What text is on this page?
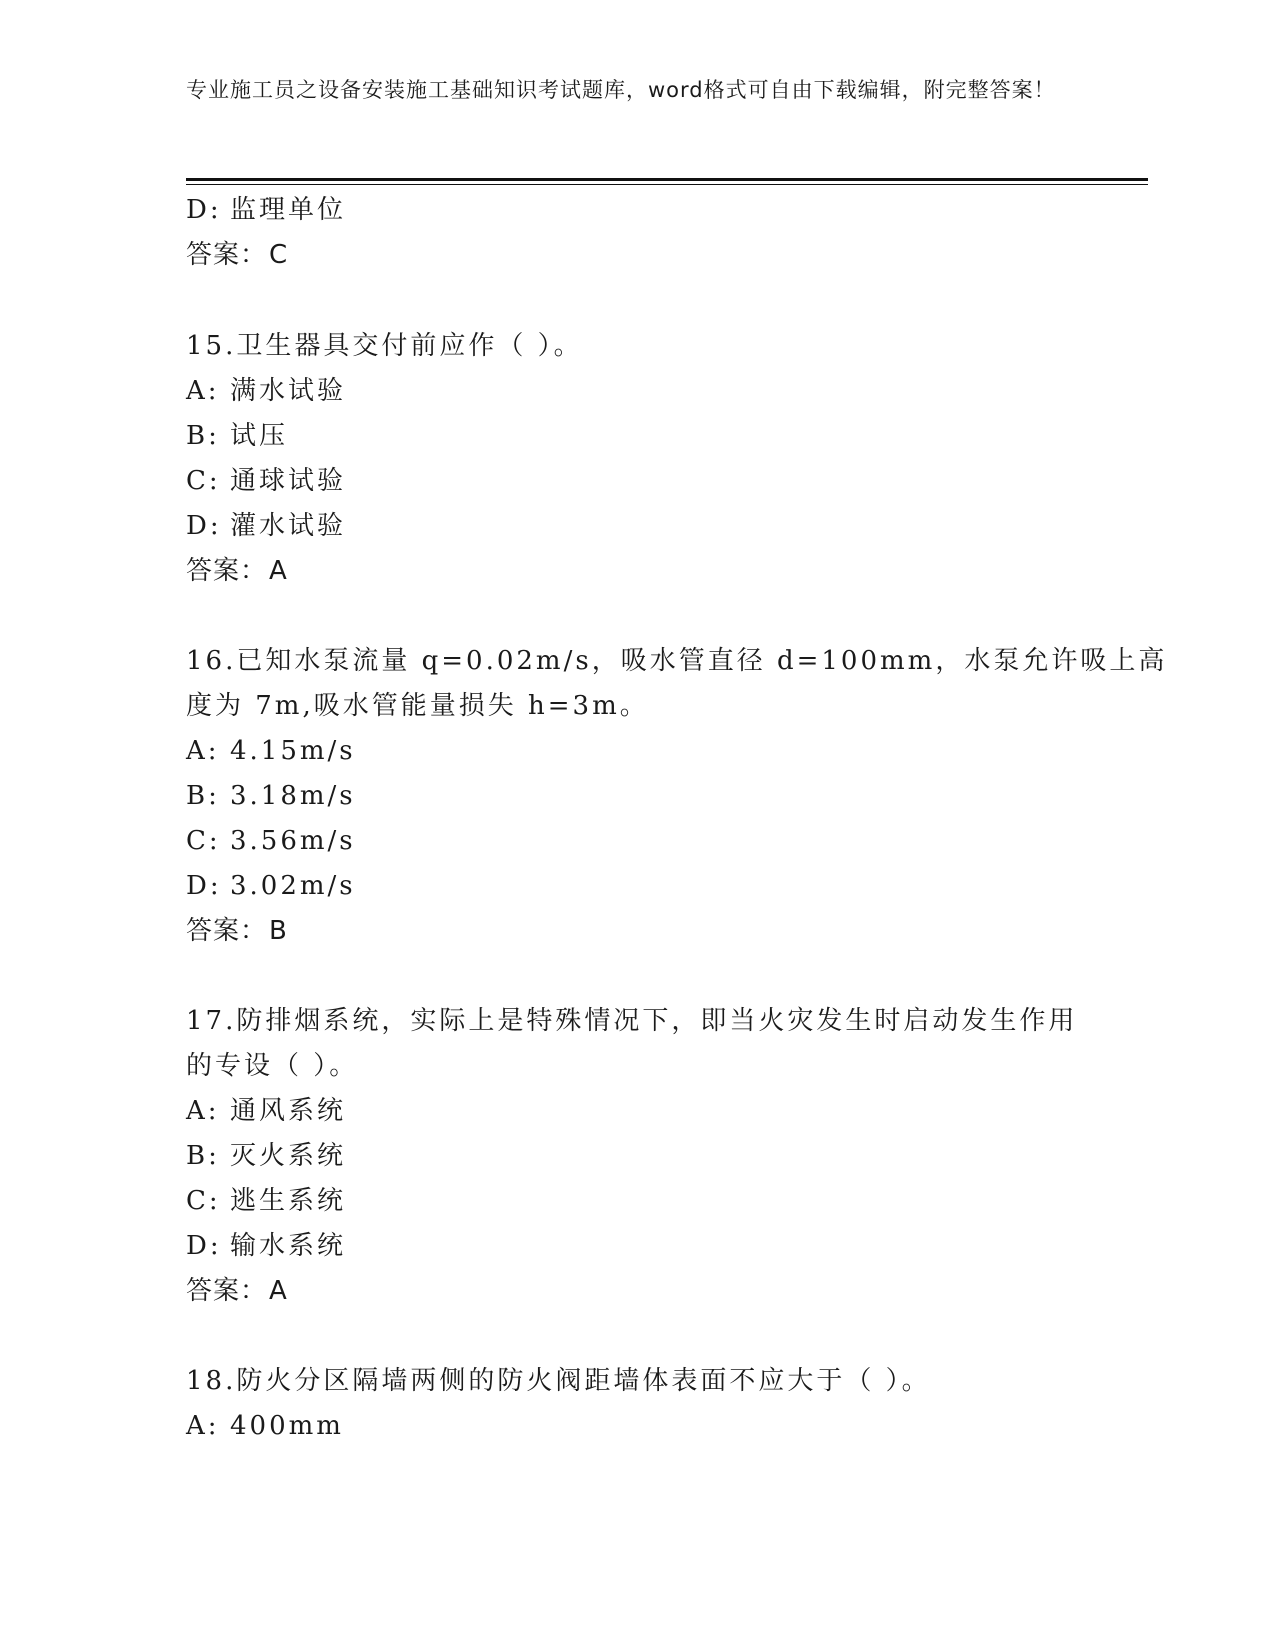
专业施工员之设备安装施工基础知识考试题库，word格式可自由下载编辑，附完整答案！
D: 监理单位
答案：C
15.卫生器具交付前应作（ ）。
A: 满水试验
B: 试压
C: 通球试验
D: 灌水试验
答案：A
16.已知水泵流量 q=0.02m/s，吸水管直径 d=100mm，水泵允许吸上高
度为 7m,吸水管能量损失 h=3m。
A: 4.15m/s
B: 3.18m/s
C: 3.56m/s
D: 3.02m/s
答案：B
17.防排烟系统，实际上是特殊情况下，即当火灾发生时启动发生作用
的专设（ ）。
A: 通风系统
B: 灭火系统
C: 逃生系统
D: 输水系统
答案：A
18.防火分区隔墙两侧的防火阀距墙体表面不应大于（ ）。
A: 400mm
